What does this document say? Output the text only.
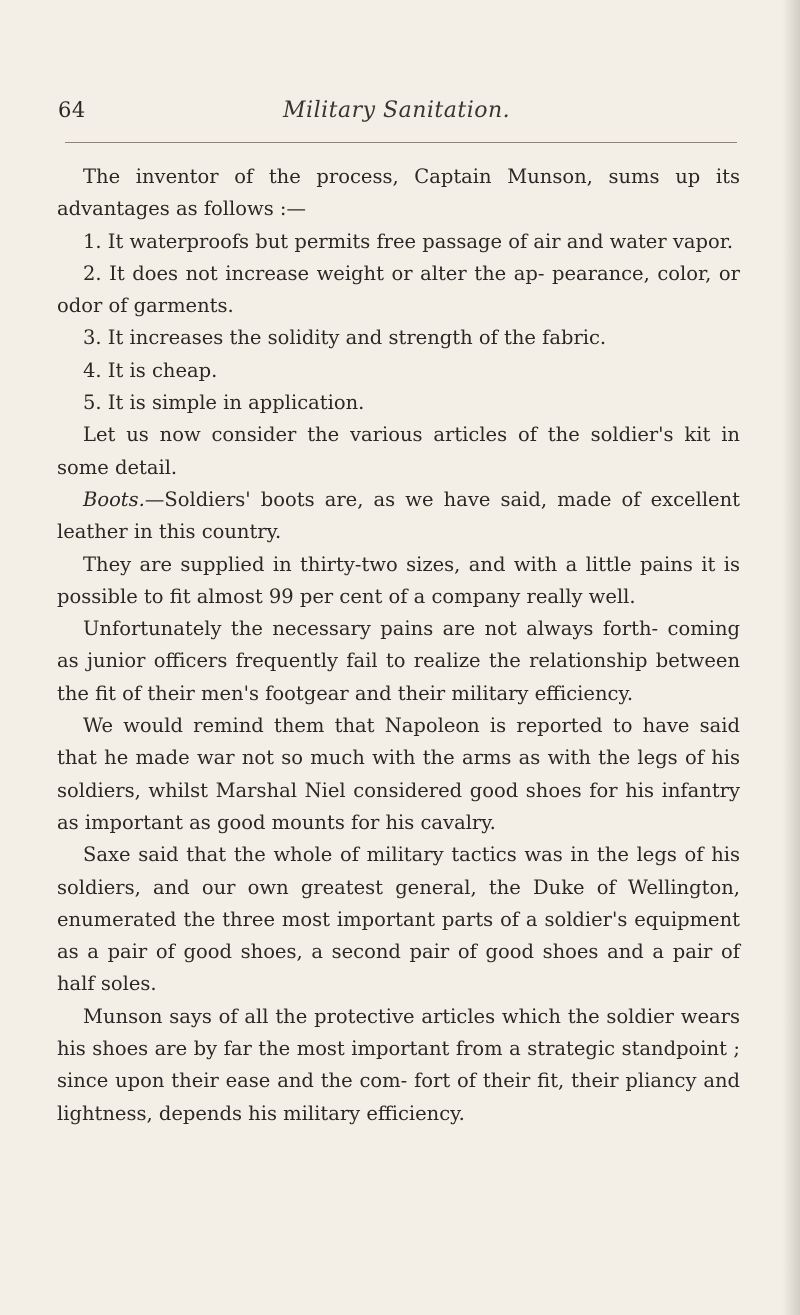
64	Military Sanitation.

The inventor of the process, Captain Munson, sums up its advantages as follows :—

1. It waterproofs but permits free passage of air and water vapor.

2. It does not increase weight or alter the ap- pearance, color, or odor of garments.

3. It increases the solidity and strength of the fabric.

4. It is cheap.

5. It is simple in application.

Let us now consider the various articles of the soldier's kit in some detail.

Boots.—Soldiers' boots are, as we have said, made of excellent leather in this country.

They are supplied in thirty-two sizes, and with a little pains it is possible to fit almost 99 per cent of a company really well.

Unfortunately the necessary pains are not always forth- coming as junior officers frequently fail to realize the relationship between the fit of their men's footgear and their military efficiency.

We would remind them that Napoleon is reported to have said that he made war not so much with the arms as with the legs of his soldiers, whilst Marshal Niel considered good shoes for his infantry as important as good mounts for his cavalry.

Saxe said that the whole of military tactics was in the legs of his soldiers, and our own greatest general, the Duke of Wellington, enumerated the three most important parts of a soldier's equipment as a pair of good shoes, a second pair of good shoes and a pair of half soles.

Munson says of all the protective articles which the soldier wears his shoes are by far the most important from a strategic standpoint ; since upon their ease and the com- fort of their fit, their pliancy and lightness, depends his military efficiency.
